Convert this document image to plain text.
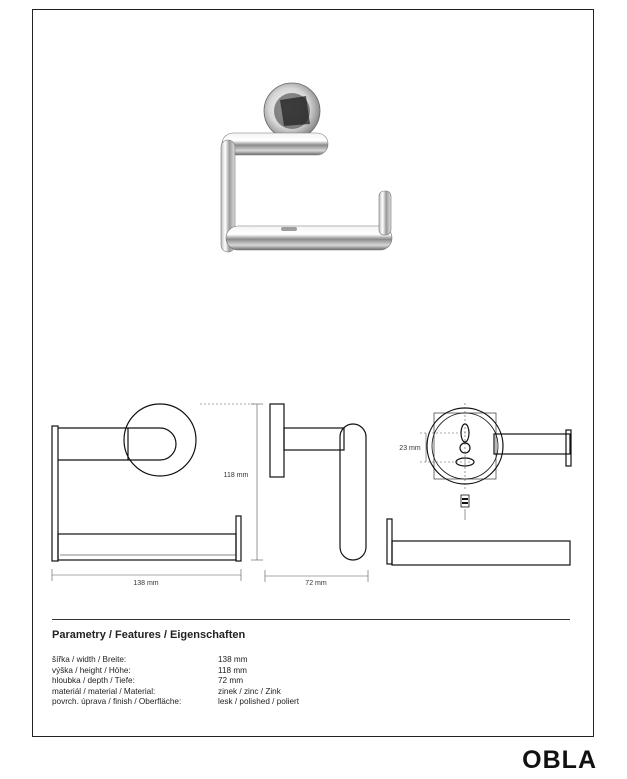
138 mm	72 mm
118 mm
23 mm
Parametry / Features / Eigenschaften
šířka / width / Breite:	138 mm
výška / height / Höhe:	118 mm
hloubka / depth / Tiefe:	72 mm
materiál / material / Material:	zinek / zinc / Zink
povrch. úprava / finish / Oberfläche:	lesk / polished / poliert
OBLA
